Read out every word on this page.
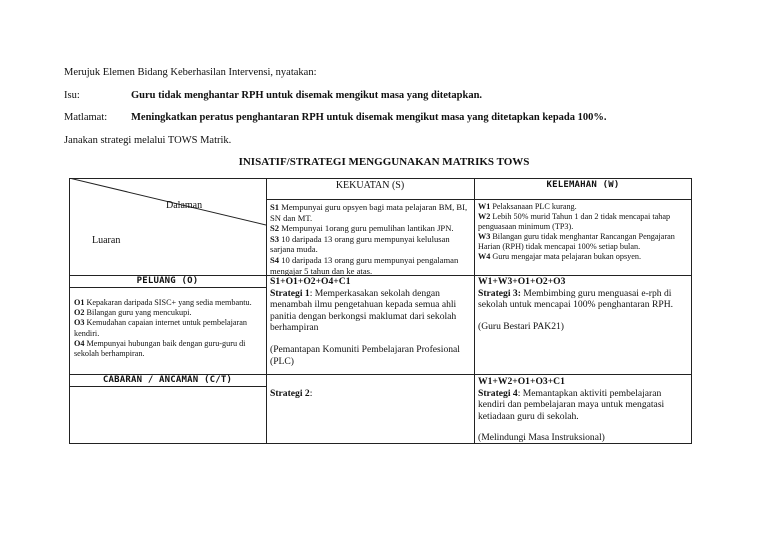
Merujuk Elemen Bidang Keberhasilan Intervensi, nyatakan:
Isu:	Guru tidak menghantar RPH untuk disemak mengikut masa yang ditetapkan.
Matlamat: Meningkatkan peratus penghantaran RPH untuk disemak mengikut masa yang ditetapkan kepada 100%.
Janakan strategi melalui TOWS Matrik.
INISATIF/STRATEGI MENGGUNAKAN MATRIKS TOWS
Dalaman
Luaran
KEKUATAN (S)	KELEMAHAN (W)

S1 Mempunyai guru opsyen bagi mata pelajaran BM, BI, SN dan MT.

S2 Mempunyai 1orang guru pemulihan lantikan JPN.

S3 10 daripada 13 orang guru mempunyai kelulusan sarjana muda.

S4 10 daripada 13 orang guru mempunyai pengalaman mengajar 5 tahun dan ke atas.

W1 Pelaksanaan PLC kurang.

W2 Lebih 50% murid Tahun 1 dan 2 tidak mencapai tahap penguasaan minimum (TP3).

W3 Bilangan guru tidak menghantar Rancangan Pengajaran Harian (RPH) tidak mencapai 100% setiap bulan.

W4 Guru mengajar mata pelajaran bukan opsyen.

PELUANG (O)

O1 Kepakaran daripada SISC+ yang sedia membantu.

O2 Bilangan guru yang mencukupi.

O3 Kemudahan capaian internet untuk pembelajaran kendiri.

O4 Mempunyai hubungan baik dengan guru-guru di sekolah berhampiran.

S1+O1+O2+O4+C1

Strategi 1: Memperkasakan sekolah dengan menambah ilmu pengetahuan kepada semua ahli panitia dengan berkongsi maklumat dari sekolah berhampiran

(Pemantapan Komuniti Pembelajaran Profesional (PLC)

W1+W3+O1+O2+O3

Strategi 3: Membimbing guru menguasai e-rph di sekolah untuk mencapai 100% penghantaran RPH.

(Guru Bestari PAK21)

CABARAN / ANCAMAN (C/T)

Strategi 2:

W1+W2+O1+O3+C1

Strategi 4: Memantapkan aktiviti pembelajaran kendiri dan pembelajaran maya untuk mengatasi ketiadaan guru di sekolah.

(Melindungi Masa Instruksional)
